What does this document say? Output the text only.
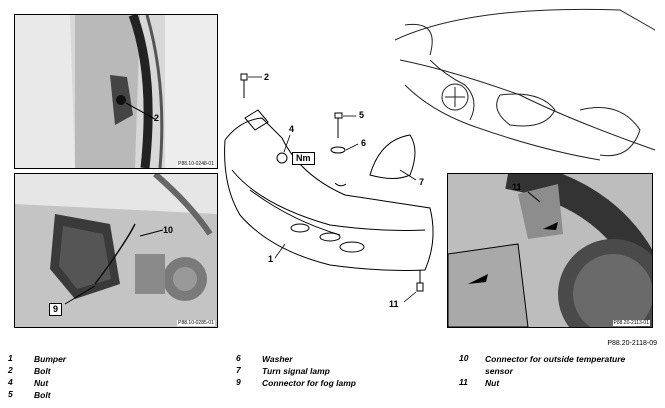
2
P88.10-0248-01
10
9
P88.10-0285-01
11
P88.20-2113-01
2
4
Nm
5
6
7
1
11
P88.20-2118-09
1	Bumper
2	Bolt
4	Nut
5	Bolt
6	Washer
7	Turn signal lamp
9	Connector for fog lamp
10	Connector for outside temperature sensor
11	Nut
